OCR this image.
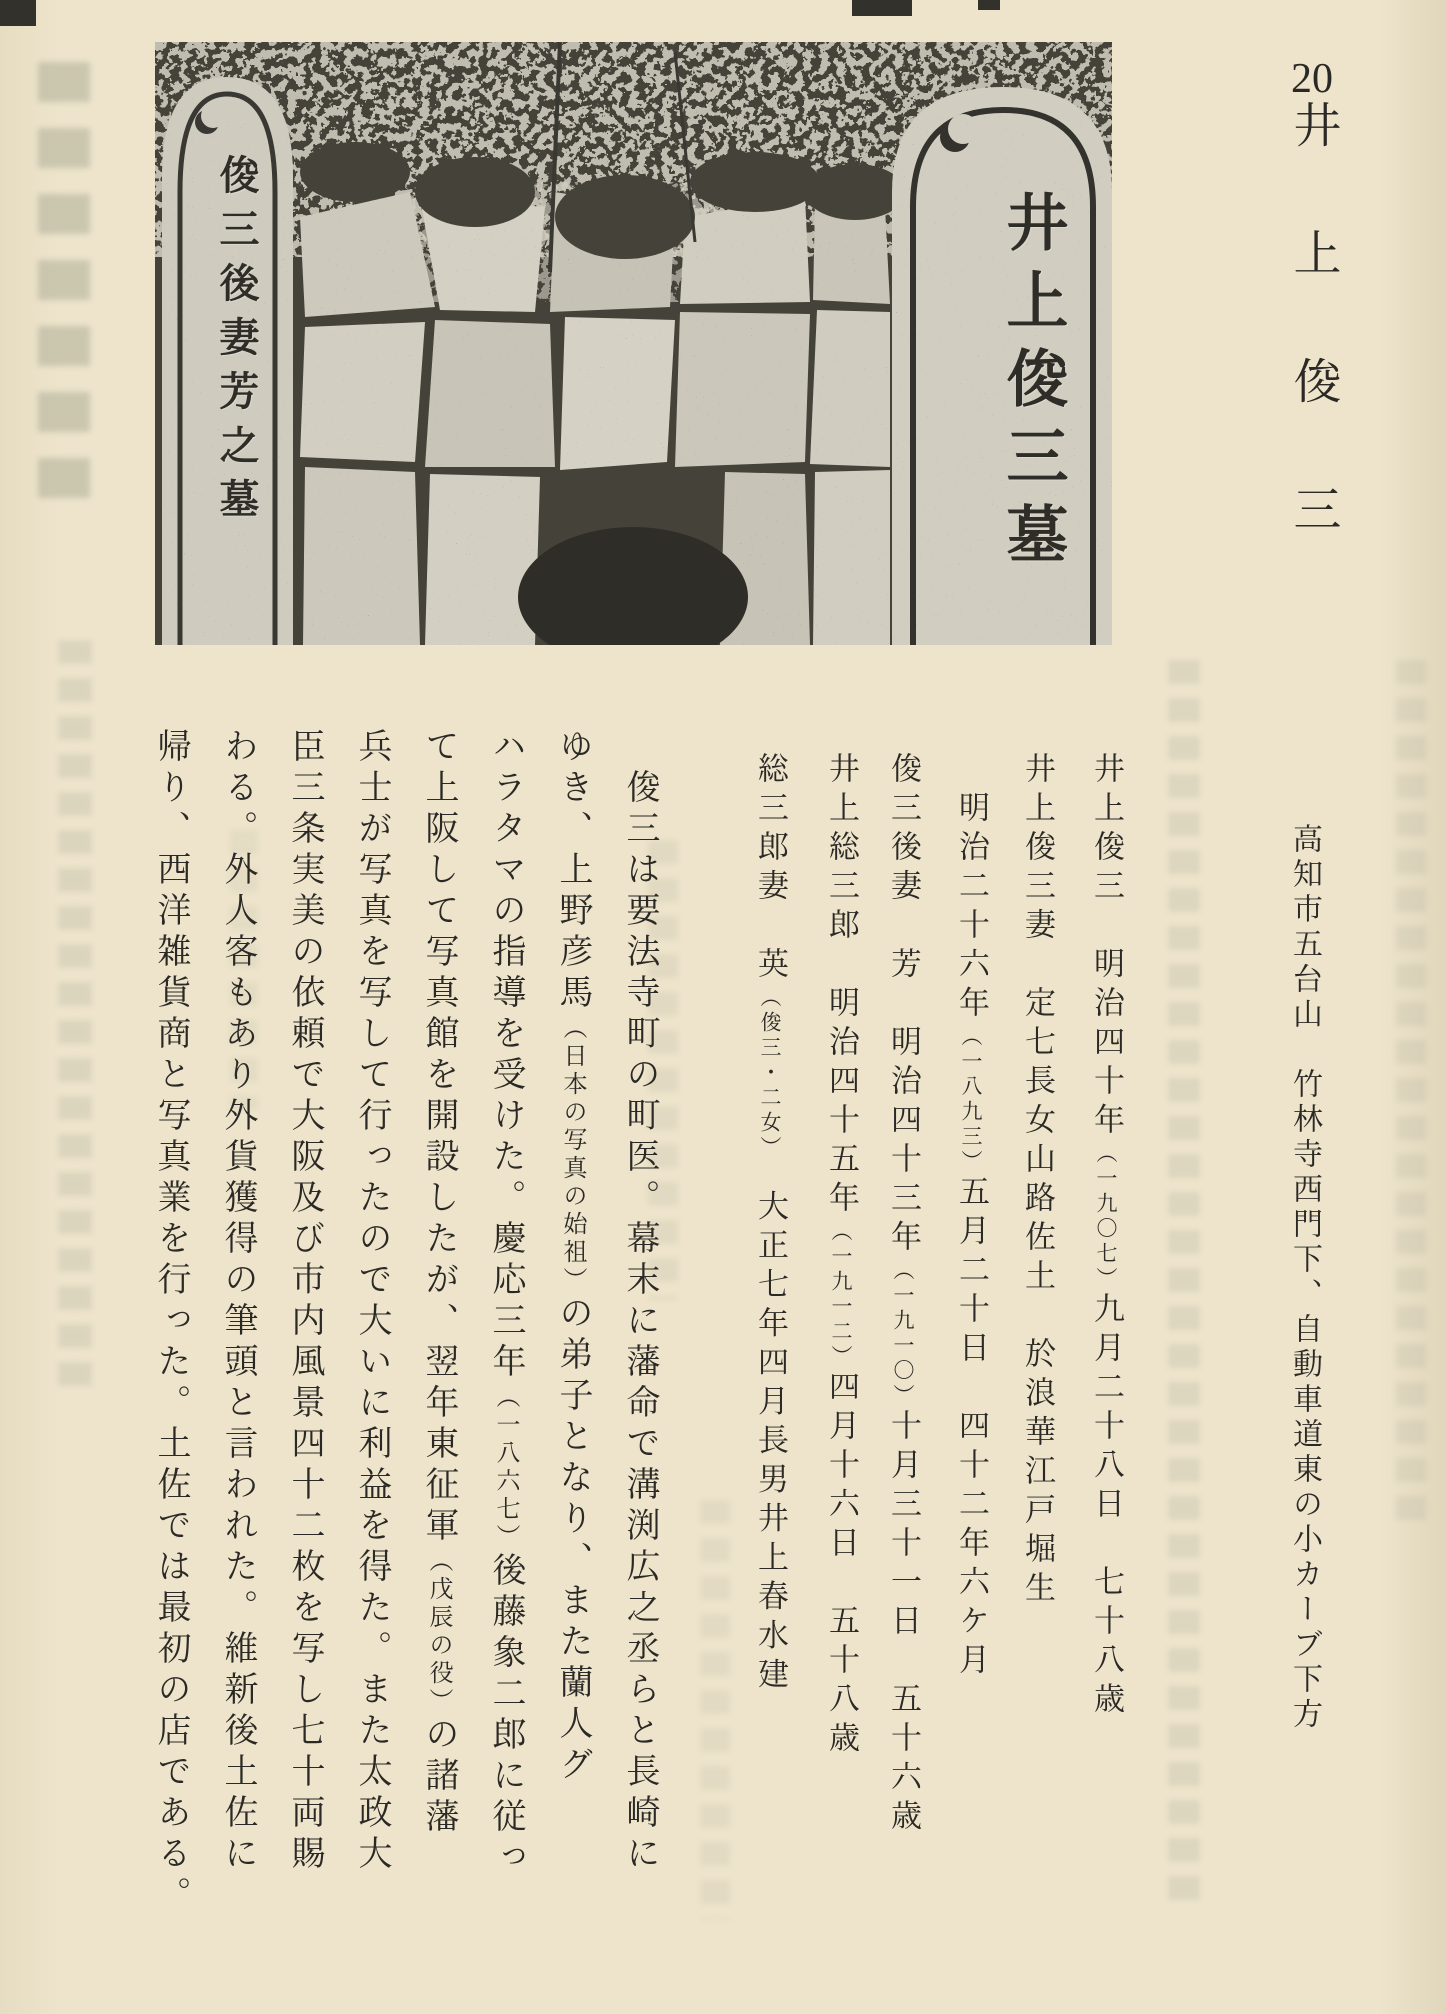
井上俊三墓
俊三後妻芳之墓
20井上俊三
高知市五台山　竹林寺西門下、自動車道東の小カーブ下方
井上俊三　明治四十年（一九〇七）九月二十八日　七十八歳
井上俊三妻　定七長女山路佐土　於浪華江戸堀生
明治二十六年（一八九三）五月二十日　四十二年六ケ月
俊三後妻　芳　明治四十三年（一九一〇）十月三十一日　五十六歳
井上総三郎　明治四十五年（一九一二）四月十六日　五十八歳
総三郎妻　英（俊三・二女）　大正七年四月長男井上春水建
俊三は要法寺町の町医。幕末に藩命で溝渕広之丞らと長崎に
ゆき、上野彦馬（日本の写真の始祖）の弟子となり、また蘭人グ
ハラタマの指導を受けた。慶応三年（一八六七）後藤象二郎に従っ
て上阪して写真館を開設したが、翌年東征軍（戊辰の役）の諸藩
兵士が写真を写して行ったので大いに利益を得た。また太政大
臣三条実美の依頼で大阪及び市内風景四十二枚を写し七十両賜
わる。外人客もあり外貨獲得の筆頭と言われた。維新後土佐に
帰り、西洋雑貨商と写真業を行った。土佐では最初の店である。
